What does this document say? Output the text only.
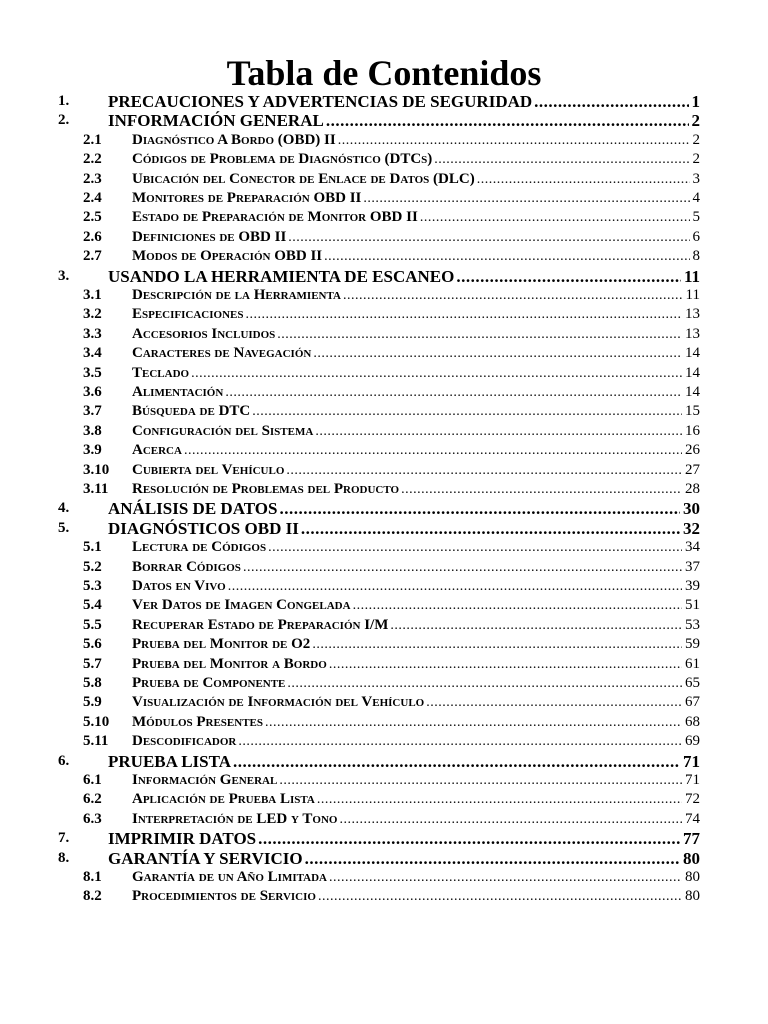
Tabla de Contenidos
1. PRECAUCIONES Y ADVERTENCIAS DE SEGURIDAD .....	1
2. INFORMACIÓN GENERAL .....	2
2.1 Diagnóstico A Bordo (OBD) II .....	2
2.2 Códigos de Problema de Diagnóstico (DTCs) .....	2
2.3 Ubicación del Conector de Enlace de Datos (DLC) .....	3
2.4 Monitores de Preparación OBD II .....	4
2.5 Estado de Preparación de Monitor OBD II .....	5
2.6 Definiciones de OBD II .....	6
2.7 Modos de Operación OBD II .....	8
3. USANDO LA HERRAMIENTA DE ESCANEO .....	11
3.1 Descripción de la Herramienta .....	11
3.2 Especificaciones .....	13
3.3 Accesorios Incluidos .....	13
3.4 Caracteres de Navegación .....	14
3.5 Teclado .....	14
3.6 Alimentación .....	14
3.7 Búsqueda de DTC .....	15
3.8 Configuración del Sistema .....	16
3.9 Acerca .....	26
3.10 Cubierta del Vehículo .....	27
3.11 Resolución de Problemas del Producto .....	28
4. ANÁLISIS DE DATOS .....	30
5. DIAGNÓSTICOS OBD II .....	32
5.1 Lectura de Códigos .....	34
5.2 Borrar Códigos .....	37
5.3 Datos en Vivo .....	39
5.4 Ver Datos de Imagen Congelada .....	51
5.5 Recuperar Estado de Preparación I/M .....	53
5.6 Prueba del Monitor de O2 .....	59
5.7 Prueba del Monitor a Bordo .....	61
5.8 Prueba de Componente .....	65
5.9 Visualización de Información del Vehículo .....	67
5.10 Módulos Presentes .....	68
5.11 Descodificador .....	69
6. PRUEBA LISTA .....	71
6.1 Información General .....	71
6.2 Aplicación de Prueba Lista .....	72
6.3 Interpretación de LED y Tono .....	74
7. IMPRIMIR DATOS .....	77
8. GARANTÍA Y SERVICIO .....	80
8.1 Garantía de un Año Limitada .....	80
8.2 Procedimientos de Servicio .....	80
